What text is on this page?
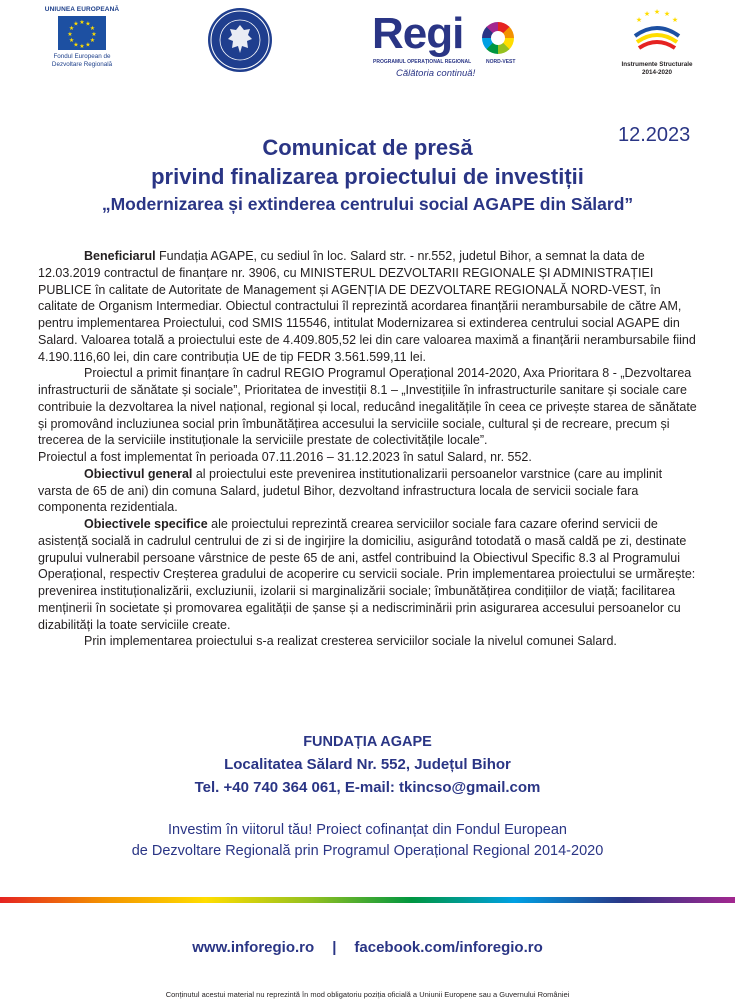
UNIUNEA EUROPEANĂ
★ ★
★
★
★
★
★
★
★
★
★
★
Fondul European de
Dezvoltare Regională
Regi
PROGRAMUL OPERAȚIONAL REGIONAL	NORD-VEST
Călătoria continuă!
★
★ ★ ★
★
Instrumente Structurale
2014-2020
12.2023
Comunicat de presă
privind finalizarea proiectului de investiții
„Modernizarea și extinderea centrului social AGAPE din Sălard”

Beneficiarul Fundația AGAPE, cu sediul în loc. Salard str. - nr.552, judetul Bihor, a semnat la data de 12.03.2019 contractul de finanțare nr. 3906, cu MINISTERUL DEZVOLTARII REGIONALE ȘI ADMINISTRAȚIEI PUBLICE în calitate de Autoritate de Management și AGENȚIA DE DEZVOLTARE REGIONALĂ NORD-VEST, în calitate de Organism Intermediar. Obiectul contractului îl reprezintă acordarea finanțării nerambursabile de către AM, pentru implementarea Proiectului, cod SMIS 115546, intitulat Modernizarea si extinderea centrului social AGAPE din Salard. Valoarea totală a proiectului este de 4.409.805,52 lei din care valoarea maximă a finanțării nerambursabile fiind 4.190.116,60 lei, din care contribuția UE de tip FEDR 3.561.599,11 lei.

Proiectul a primit finanțare în cadrul REGIO Programul Operațional 2014-2020, Axa Prioritara 8 - „Dezvoltarea infrastructurii de sănătate și sociale”, Prioritatea de investiții 8.1 – „Investițiile în infrastructurile sanitare și sociale care contribuie la dezvoltarea la nivel național, regional și local, reducând inegalitățile în ceea ce privește starea de sănătate și promovând incluziunea social prin îmbunătățirea accesului la serviciile sociale, cultural și de recreare, precum și trecerea de la serviciile instituționale la serviciile prestate de colectivitățile locale”.

Proiectul a fost implementat în perioada 07.11.2016 – 31.12.2023 în satul Salard, nr. 552.

Obiectivul general al proiectului este prevenirea institutionalizarii persoanelor varstnice (care au implinit varsta de 65 de ani) din comuna Salard, judetul Bihor, dezvoltand infrastructura locala de servicii sociale fara componenta rezidentiala.

Obiectivele specifice ale proiectului reprezintă crearea serviciilor sociale fara cazare oferind servicii de asistență socială in cadrulul centrului de zi si de ingirjire la domiciliu, asigurând totodată o masă caldă pe zi, destinate grupului vulnerabil persoane vârstnice de peste 65 de ani, astfel contribuind la Obiectivul Specific 8.3 al Programului Operațional, respectiv Creșterea gradului de acoperire cu servicii sociale. Prin implementarea proiectului se urmărește: prevenirea instituționalizării, excluziunii, izolarii si marginalizării sociale; îmbunătățirea condițiilor de viață; facilitarea menținerii în societate și promovarea egalității de șanse și a nediscriminării prin asigurarea accesului persoanelor cu dizabilități la toate serviciile create.

Prin implementarea proiectului s-a realizat cresterea serviciilor sociale la nivelul comunei Salard.

FUNDAȚIA AGAPE
Localitatea Sălard Nr. 552, Județul Bihor
Tel. +40 740 364 061, E-mail: tkincso@gmail.com
Investim în viitorul tău! Proiect cofinanțat din Fondul European
de Dezvoltare Regională prin Programul Operațional Regional 2014-2020
www.inforegio.ro | facebook.com/inforegio.ro
Conținutul acestui material nu reprezintă în mod obligatoriu poziția oficială a Uniunii Europene sau a Guvernului României
